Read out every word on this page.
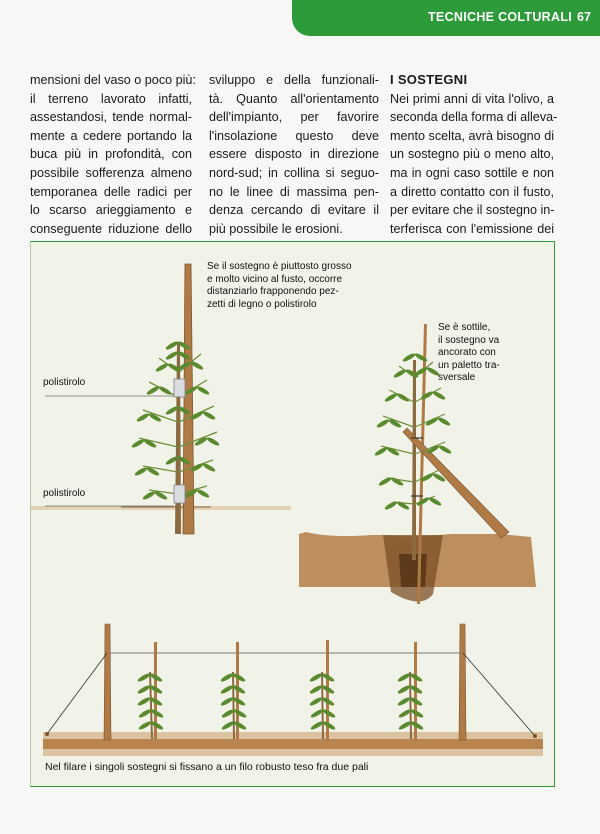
TECNICHE COLTURALI 67
mensioni del vaso o poco più:
il terreno lavorato infatti,
assestandosi, tende normal-
mente a cedere portando la
buca più in profondità, con
possibile sofferenza almeno
temporanea delle radici per
lo scarso arieggiamento e
conseguente riduzione dello
sviluppo e della funzionali-
tà. Quanto all'orientamento
dell'impianto, per favorire
l'insolazione questo deve
essere disposto in direzione
nord-sud; in collina si seguo-
no le linee di massima pen-
denza cercando di evitare il
più possibile le erosioni.
I SOSTEGNI
Nei primi anni di vita l'olivo, a
seconda della forma di alleva-
mento scelta, avrà bisogno di
un sostegno più o meno alto,
ma in ogni caso sottile e non
a diretto contatto con il fusto,
per evitare che il sostegno in-
terferisca con l'emissione dei
polistirolo
polistirolo
Se il sostegno è piuttosto grosso
e molto vicino al fusto, occorre
distanziarlo frapponendo pez-
zetti di legno o polistirolo
Se è sottile,
il sostegno va
ancorato con
un paletto tra-
sversale
Nel filare i singoli sostegni si fissano a un filo robusto teso fra due pali
